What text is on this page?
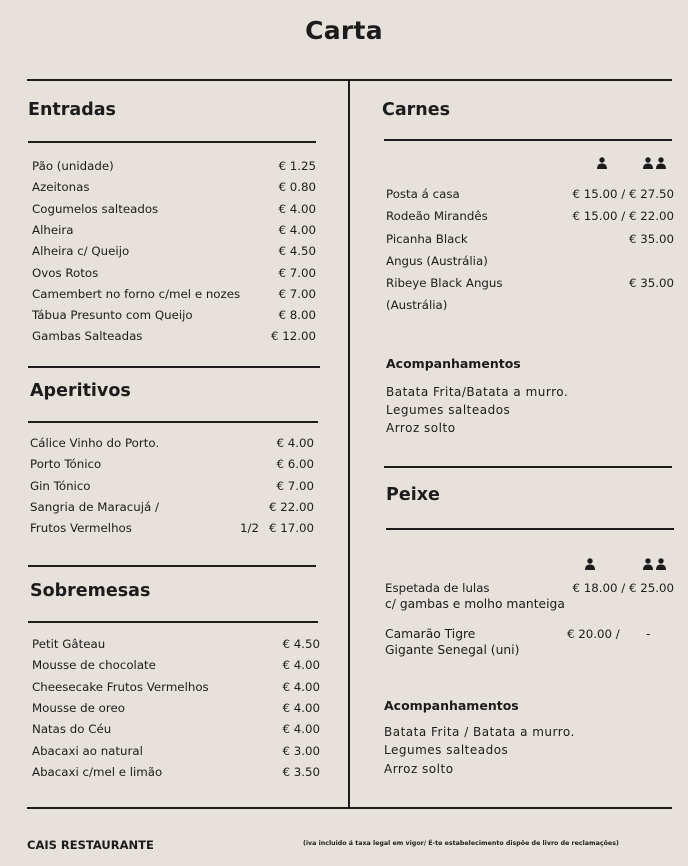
Carta
Entradas
Pão (unidade)	€ 1.25
Azeitonas	€ 0.80
Cogumelos salteados	€ 4.00
Alheira	€ 4.00
Alheira c/ Queijo	€ 4.50
Ovos Rotos	€ 7.00
Camembert no forno c/mel e nozes	€ 7.00
Tábua Presunto com Queijo	€ 8.00
Gambas Salteadas	€ 12.00
Aperitivos
Cálice Vinho do Porto.	€ 4.00
Porto Tónico	€ 6.00
Gin Tónico	€ 7.00
Sangria de Maracujá /	€ 22.00
Frutos Vermelhos	1/2 € 17.00
Sobremesas
Petit Gâteau	€ 4.50
Mousse de chocolate	€ 4.00
Cheesecake Frutos Vermelhos	€ 4.00
Mousse de oreo	€ 4.00
Natas do Céu	€ 4.00
Abacaxi ao natural	€ 3.00
Abacaxi c/mel e limão	€ 3.50
Carnes
Posta á casa	€ 15.00 / € 27.50
Rodeão Mirandês	€ 15.00 / € 22.00
Picanha Black	€ 35.00
Angus (Austrália)
Ribeye Black Angus	€ 35.00
(Austrália)
Acompanhamentos
Batata Frita/Batata a murro.
Legumes salteados
Arroz solto
Peixe
Espetada de lulas	€ 18.00 / € 25.00
c/ gambas e molho manteiga
Camarão Tigre	€ 20.00 / -
Gigante Senegal (uni)
Acompanhamentos
Batata Frita / Batata a murro.
Legumes salteados
Arroz solto
CAIS RESTAURANTE	(iva incluido á taxa legal em vigor/ É-te estabelecimento dispõe de livro de reclamações)
